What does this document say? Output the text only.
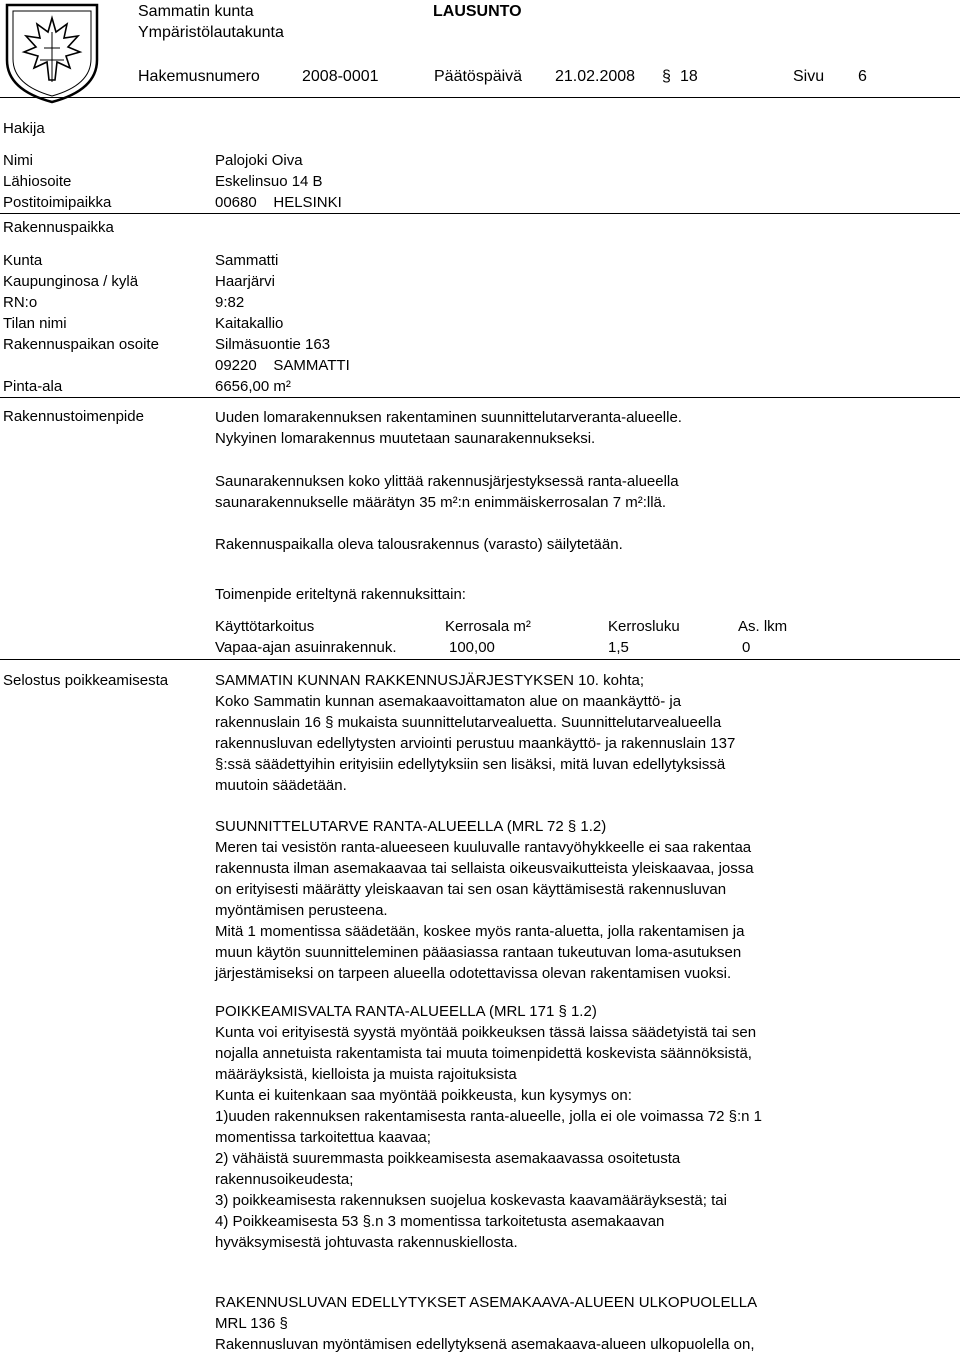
Sammatin kunta
Ympäristölautakunta
LAUSUNTO
Hakemusnumero	2008-0001	Päätöspäivä 21.02.2008 § 18	Sivu 6
Hakija
Nimi	Palojoki Oiva
Lähiosoite	Eskelinsuo 14 B
Postitoimipaikka	00680    HELSINKI
Rakennuspaikka
Kunta	Sammatti
Kaupunginosa / kylä	Haarjärvi
RN:o	9:82
Tilan nimi	Kaitakallio
Rakennuspaikan osoite	Silmäsuontie 163
09220    SAMMATTI
Pinta-ala	6656,00 m²
Rakennustoimenpide	Uuden lomarakennuksen rakentaminen suunnittelutarveranta-alueelle.
Nykyinen lomarakennus muutetaan saunarakennukseksi.
Saunarakennuksen koko ylittää rakennusjärjestyksessä ranta-alueella
saunarakennukselle määrätyn 35 m²:n enimmäiskerrosalan 7 m²:llä.
Rakennuspaikalla oleva talousrakennus (varasto) säilytetään.
Toimenpide eriteltynä rakennuksittain:
Käyttötarkoitus	Kerrosala m²	Kerrosluku	As. lkm
Vapaa-ajan asuinrakennuk.	100,00	1,5	0
Selostus poikkeamisesta	SAMMATIN KUNNAN RAKKENNUSJÄRJESTYKSEN 10. kohta;
Koko Sammatin kunnan asemakaavoittamaton alue on maankäyttö- ja
rakennuslain 16 § mukaista suunnittelutarvealuetta. Suunnittelutarvealueella
rakennusluvan edellytysten arviointi perustuu maankäyttö- ja rakennuslain 137
§:ssä säädettyihin erityisiin edellytyksiin sen lisäksi, mitä luvan edellytyksissä
muutoin säädetään.
SUUNNITTELUTARVE RANTA-ALUEELLA (MRL 72 § 1.2)
Meren tai vesistön ranta-alueeseen kuuluvalle rantavyöhykkeelle ei saa rakentaa
rakennusta ilman asemakaavaa tai sellaista oikeusvaikutteista yleiskaavaa, jossa
on erityisesti määrätty yleiskaavan tai sen osan käyttämisestä rakennusluvan
myöntämisen perusteena.
Mitä 1 momentissa säädetään, koskee myös ranta-aluetta, jolla rakentamisen ja
muun käytön suunnitteleminen pääasiassa rantaan tukeutuvan loma-asutuksen
järjestämiseksi on tarpeen alueella odotettavissa olevan rakentamisen vuoksi.
POIKKEAMISVALTA RANTA-ALUEELLA (MRL 171 § 1.2)
Kunta voi erityisestä syystä myöntää poikkeuksen tässä laissa säädetyistä tai sen
nojalla annetuista rakentamista tai muuta toimenpidettä koskevista säännöksistä,
määräyksistä, kielloista ja muista rajoituksista
Kunta ei kuitenkaan saa myöntää poikkeusta, kun kysymys on:
1)uuden rakennuksen rakentamisesta ranta-alueelle, jolla ei ole voimassa 72 §:n 1
momentissa tarkoitettua kaavaa;
2) vähäistä suuremmasta poikkeamisesta asemakaavassa osoitetusta
rakennusoikeudesta;
3) poikkeamisesta rakennuksen suojelua koskevasta kaavamääräyksestä; tai
4) Poikkeamisesta 53 §.n 3 momentissa tarkoitetusta asemakaavan
hyväksymisestä johtuvasta rakennuskiellosta.
RAKENNUSLUVAN EDELLYTYKSET ASEMAKAAVA-ALUEEN ULKOPUOLELLA
MRL 136 §
Rakennusluvan myöntämisen edellytyksenä asemakaava-alueen ulkopuolella on,
